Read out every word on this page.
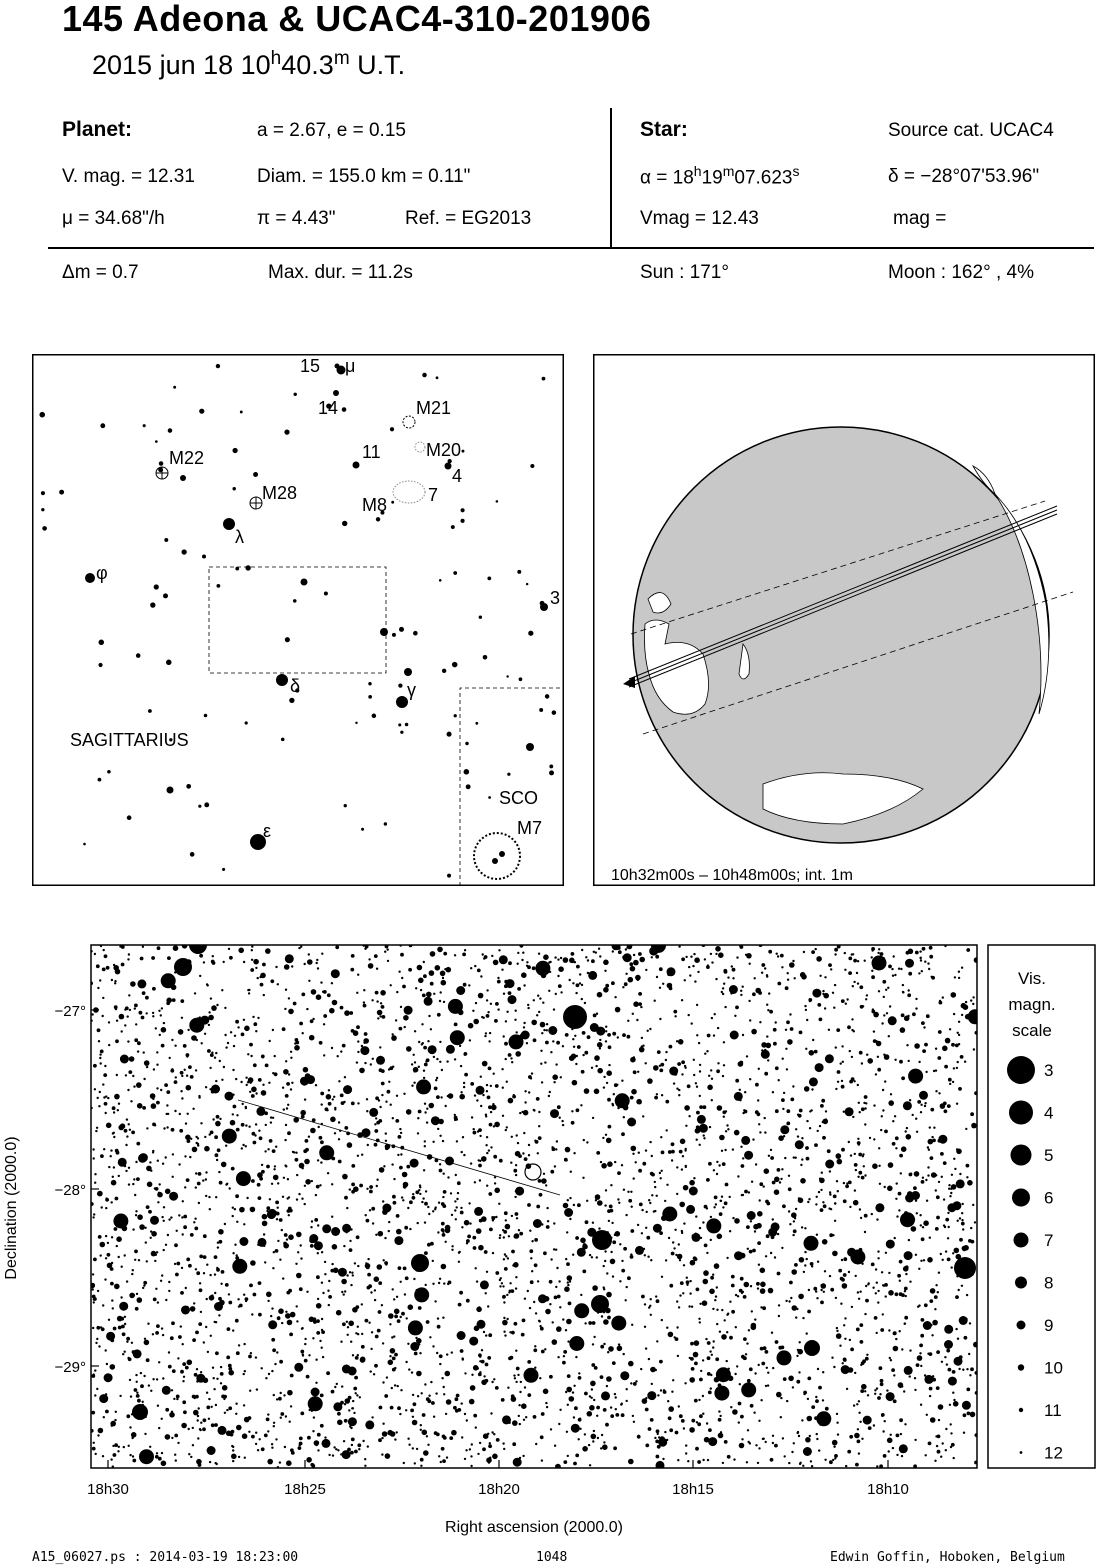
145 Adeona & UCAC4-310-201906
2015 jun 18 10$^h$40.3$^m$ U.T.
Planet:	a = 2.67, e = 0.15
V. mag. = 12.31	Diam. = 155.0 km = 0.11"
μ = 34.68"/h	π = 4.43"	Ref. = EG2013
Δm = 0.7	Max. dur. = 11.2s
Star:	Source cat. UCAC4
$\alpha = 18^h19^m07.623^s$	δ = −28°07'53.96"
Vmag = 12.43	mag =
Sun : 171°	Moon : 162° , 4%
15 μ
14	M21
M20
11
4
7
M8
M22
M28
λ
φ
3
δ	γ
SAGITTARIUS
SCO
M7
ε
10h32m00s – 10h48m00s; int. 1m
−27°
−28°
−29°
18h30	18h25	18h20	18h15	18h10
Declination (2000.0)
Right ascension (2000.0)
Vis.
magn.
scale
3
4
5
6
7
8
9
10
11
12
A15_06027.ps : 2014-03-19 18:23:00	1048	Edwin Goffin, Hoboken, Belgium
